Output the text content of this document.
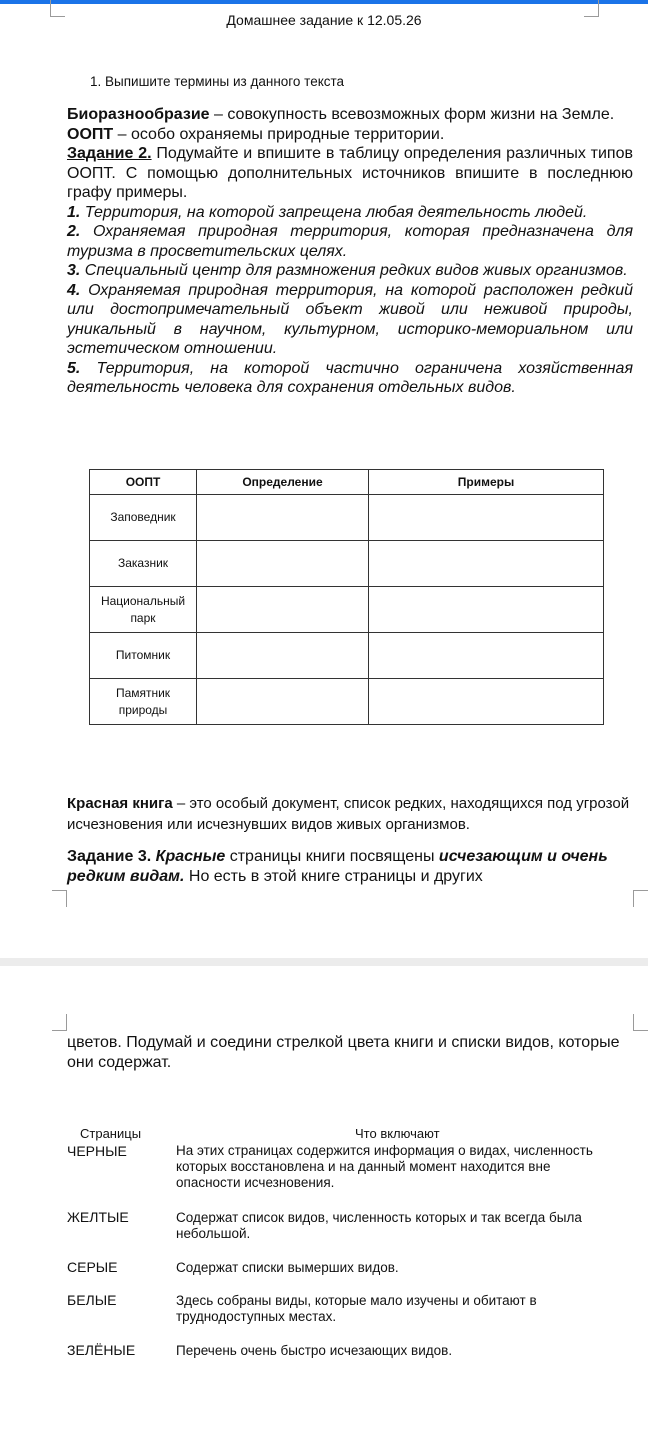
Домашнее задание к 12.05.26
1. Выпишите термины из данного текста

Биоразнообразие – совокупность всевозможных форм жизни на Земле.

ООПТ – особо охраняемы природные территории.

Задание 2. Подумайте и впишите в таблицу определения различных типов ООПТ. С помощью дополнительных источников впишите в последнюю графу примеры.

1. Территория, на которой запрещена любая деятельность людей.

2. Охраняемая природная территория, которая предназначена для туризма в просветительских целях.

3. Специальный центр для размножения редких видов живых организмов.

4. Охраняемая природная территория, на которой расположен редкий или достопримечательный объект живой или неживой природы, уникальный в научном, культурном, историко-мемориальном или эстетическом отношении.

5. Территория, на которой частично ограничена хозяйственная деятельность человека для сохранения отдельных видов.

ООПТ	Определение	Примеры
Заповедник		
Заказник		
Национальный парк		
Питомник		
Памятник природы		
Красная книга – это особый документ, список редких, находящихся под угрозой исчезновения или исчезнувших видов живых организмов.
Задание 3. Красные страницы книги посвящены исчезающим и очень редким видам. Но есть в этой книге страницы и других
цветов. Подумай и соедини стрелкой цвета книги и списки видов, которые они содержат.
Страницы	Что включают
ЧЕРНЫЕ	На этих страницах содержится информация о видах, численность которых восстановлена и на данный момент находится вне опасности исчезновения.
ЖЕЛТЫЕ	Содержат список видов, численность которых и так всегда была небольшой.
СЕРЫЕ	Содержат списки вымерших видов.
БЕЛЫЕ	Здесь собраны виды, которые мало изучены и обитают в труднодоступных местах.
ЗЕЛЁНЫЕ	Перечень очень быстро исчезающих видов.
